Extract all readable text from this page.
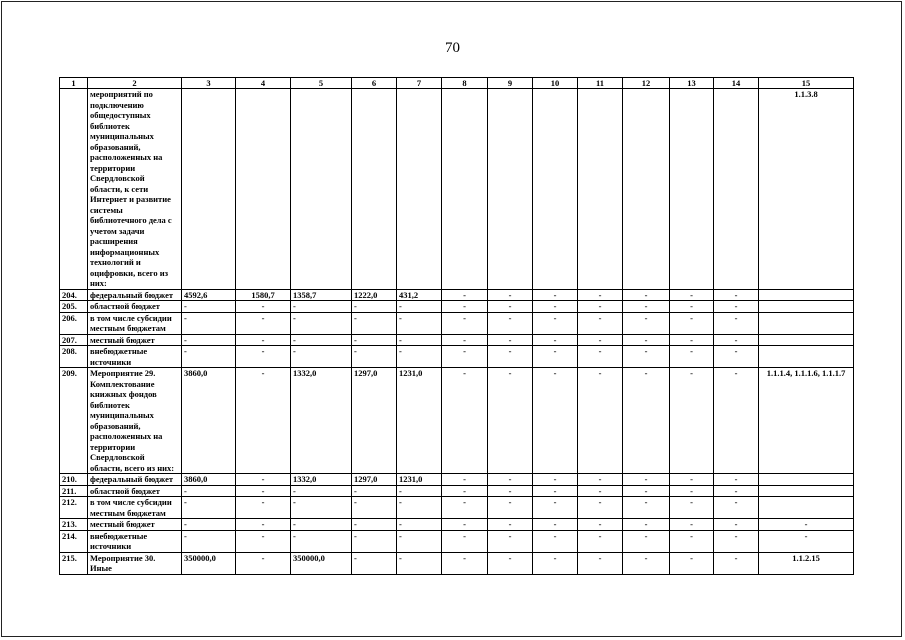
70
1	2	3	4	5	6	7	8	9	10	11	12	13	14	15
	мероприятий по подключению общедоступных библиотек муниципальных образований, расположенных на территории Свердловской области, к сети Интернет и развитие системы библиотечного дела с учетом задачи расширения информационных технологий и оцифровки, всего из них:													1.1.3.8
204.	федеральный бюджет	4592,6	1580,7	1358,7	1222,0	431,2	-	-	-	-	-	-	-	
205.	областной бюджет	-	-	-	-	-	-	-	-	-	-	-	-	
206.	в том числе субсидии местным бюджетам	-	-	-	-	-	-	-	-	-	-	-	-	
207.	местный бюджет	-	-	-	-	-	-	-	-	-	-	-	-	
208.	внебюджетные источники	-	-	-	-	-	-	-	-	-	-	-	-	
209.	Мероприятие 29. Комплектование книжных фондов библиотек муниципальных образований, расположенных на территории Свердловской области, всего из них:	3860,0	-	1332,0	1297,0	1231,0	-	-	-	-	-	-	-	1.1.1.4, 1.1.1.6, 1.1.1.7
210.	федеральный бюджет	3860,0	-	1332,0	1297,0	1231,0	-	-	-	-	-	-	-	
211.	областной бюджет	-	-	-	-	-	-	-	-	-	-	-	-	
212.	в том числе субсидии местным бюджетам	-	-	-	-	-	-	-	-	-	-	-	-	
213.	местный бюджет	-	-	-	-	-	-	-	-	-	-	-	-	-
214.	внебюджетные источники	-	-	-	-	-	-	-	-	-	-	-	-	-
215.	Мероприятие 30. Иные	350000,0	-	350000,0	-	-	-	-	-	-	-	-	-	1.1.2.15
